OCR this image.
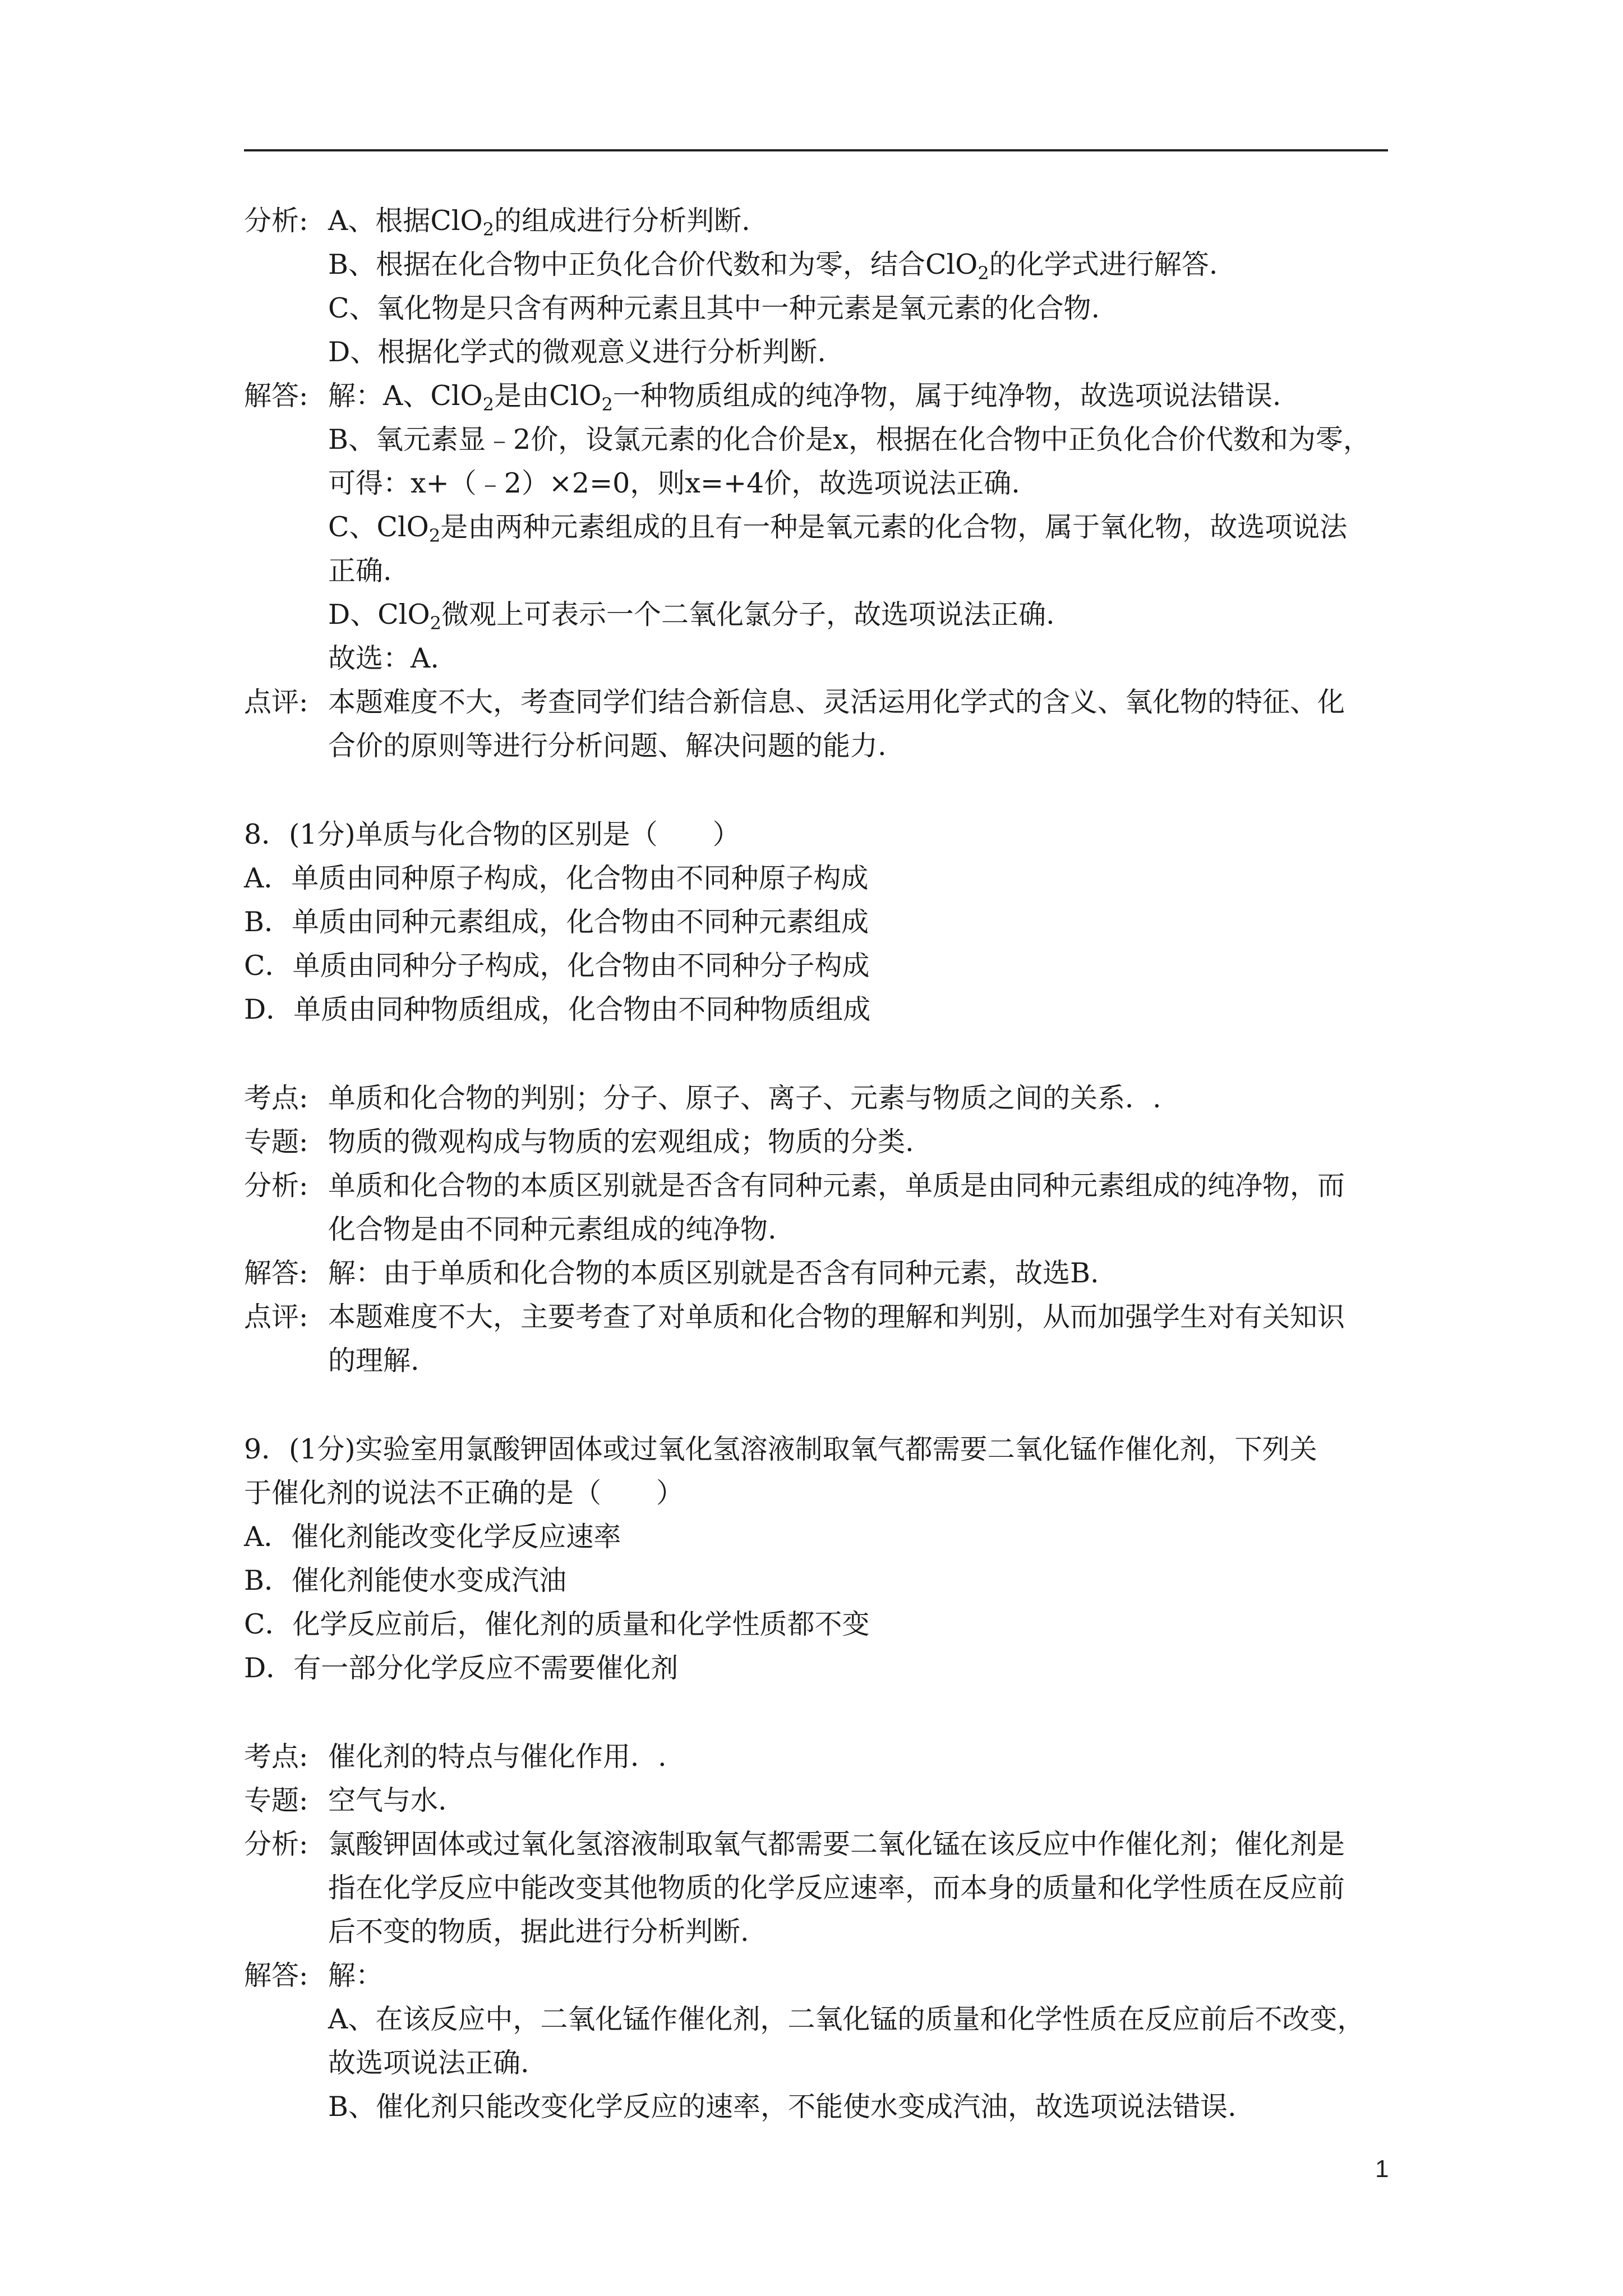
分析: A、根据ClO$_2$的组成进行分析判断.
B、根据在化合物中正负化合价代数和为零，结合ClO$_2$的化学式进行解答.
C、氧化物是只含有两种元素且其中一种元素是氧元素的化合物.
D、根据化学式的微观意义进行分析判断.
解答: 解：A、ClO$_2$是由ClO$_2$一种物质组成的纯净物，属于纯净物，故选项说法错误.
B、氧元素显﹣2价，设氯元素的化合价是x，根据在化合物中正负化合价代数和为零，
可得：x+（﹣2）×2=0，则x=+4价，故选项说法正确.
C、ClO$_2$是由两种元素组成的且有一种是氧元素的化合物，属于氧化物，故选项说法
正确.
D、ClO$_2$微观上可表示一个二氧化氯分子，故选项说法正确.
故选：A.
点评: 本题难度不大，考查同学们结合新信息、灵活运用化学式的含义、氧化物的特征、化
合价的原则等进行分析问题、解决问题的能力.
8．(1分)单质与化合物的区别是（　　）
A．单质由同种原子构成，化合物由不同种原子构成
B．单质由同种元素组成，化合物由不同种元素组成
C．单质由同种分子构成，化合物由不同种分子构成
D．单质由同种物质组成，化合物由不同种物质组成
考点: 单质和化合物的判别；分子、原子、离子、元素与物质之间的关系．.
专题: 物质的微观构成与物质的宏观组成；物质的分类.
分析: 单质和化合物的本质区别就是否含有同种元素，单质是由同种元素组成的纯净物，而
化合物是由不同种元素组成的纯净物.
解答: 解：由于单质和化合物的本质区别就是否含有同种元素，故选B.
点评: 本题难度不大，主要考查了对单质和化合物的理解和判别，从而加强学生对有关知识
的理解.
9．(1分)实验室用氯酸钾固体或过氧化氢溶液制取氧气都需要二氧化锰作催化剂，下列关
于催化剂的说法不正确的是（　　）
A．催化剂能改变化学反应速率
B．催化剂能使水变成汽油
C．化学反应前后，催化剂的质量和化学性质都不变
D．有一部分化学反应不需要催化剂
考点: 催化剂的特点与催化作用．.
专题: 空气与水.
分析: 氯酸钾固体或过氧化氢溶液制取氧气都需要二氧化锰在该反应中作催化剂；催化剂是
指在化学反应中能改变其他物质的化学反应速率，而本身的质量和化学性质在反应前
后不变的物质，据此进行分析判断.
解答: 解：
A、在该反应中，二氧化锰作催化剂，二氧化锰的质量和化学性质在反应前后不改变，
故选项说法正确.
B、催化剂只能改变化学反应的速率，不能使水变成汽油，故选项说法错误.
1
